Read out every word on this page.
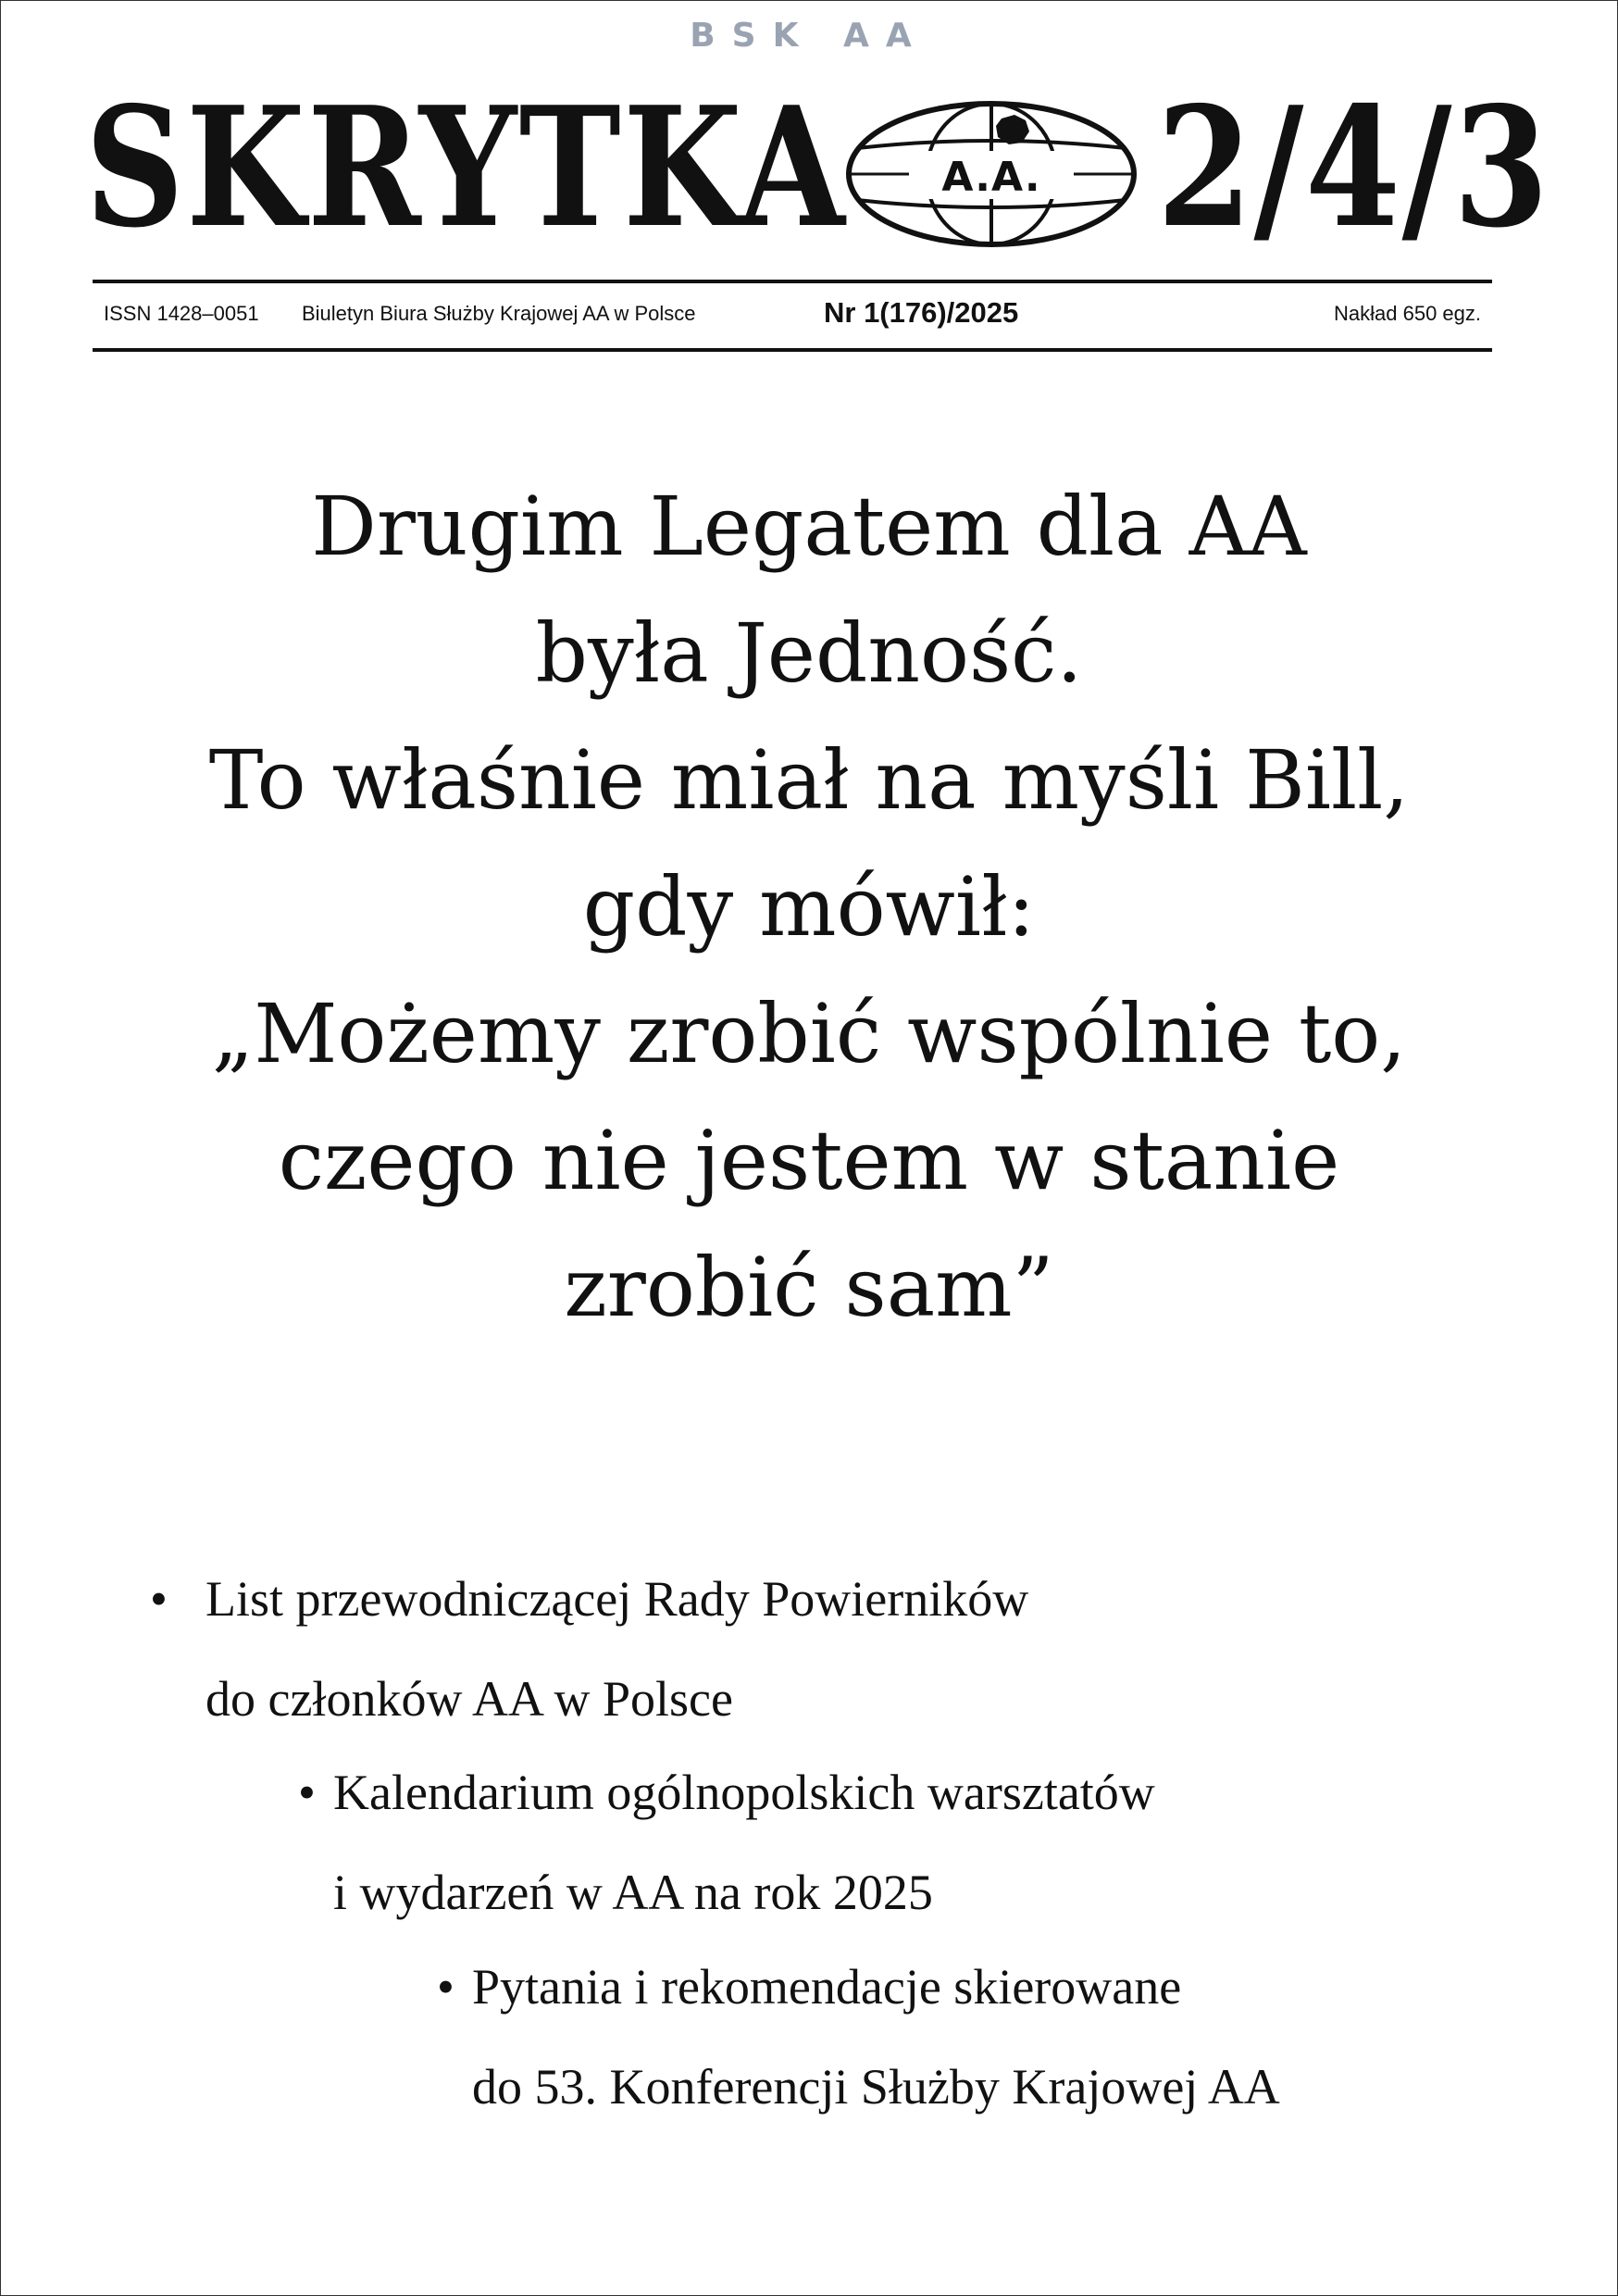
BSK AA
SKRYTKA	A.A. 2/4/3
ISSN 1428–0051 Biuletyn Biura Służby Krajowej AA w Polsce	Nr 1(176)/2025	Nakład 650 egz.
Drugim Legatem dla AA
była Jedność.
To właśnie miał na myśli Bill,
gdy mówił:
„Możemy zrobić wspólnie to,
czego nie jestem w stanie
zrobić sam”
• List przewodniczącej Rady Powierników
do członków AA w Polsce
• Kalendarium ogólnopolskich warsztatów
i wydarzeń w AA na rok 2025
• Pytania i rekomendacje skierowane
do 53. Konferencji Służby Krajowej AA
